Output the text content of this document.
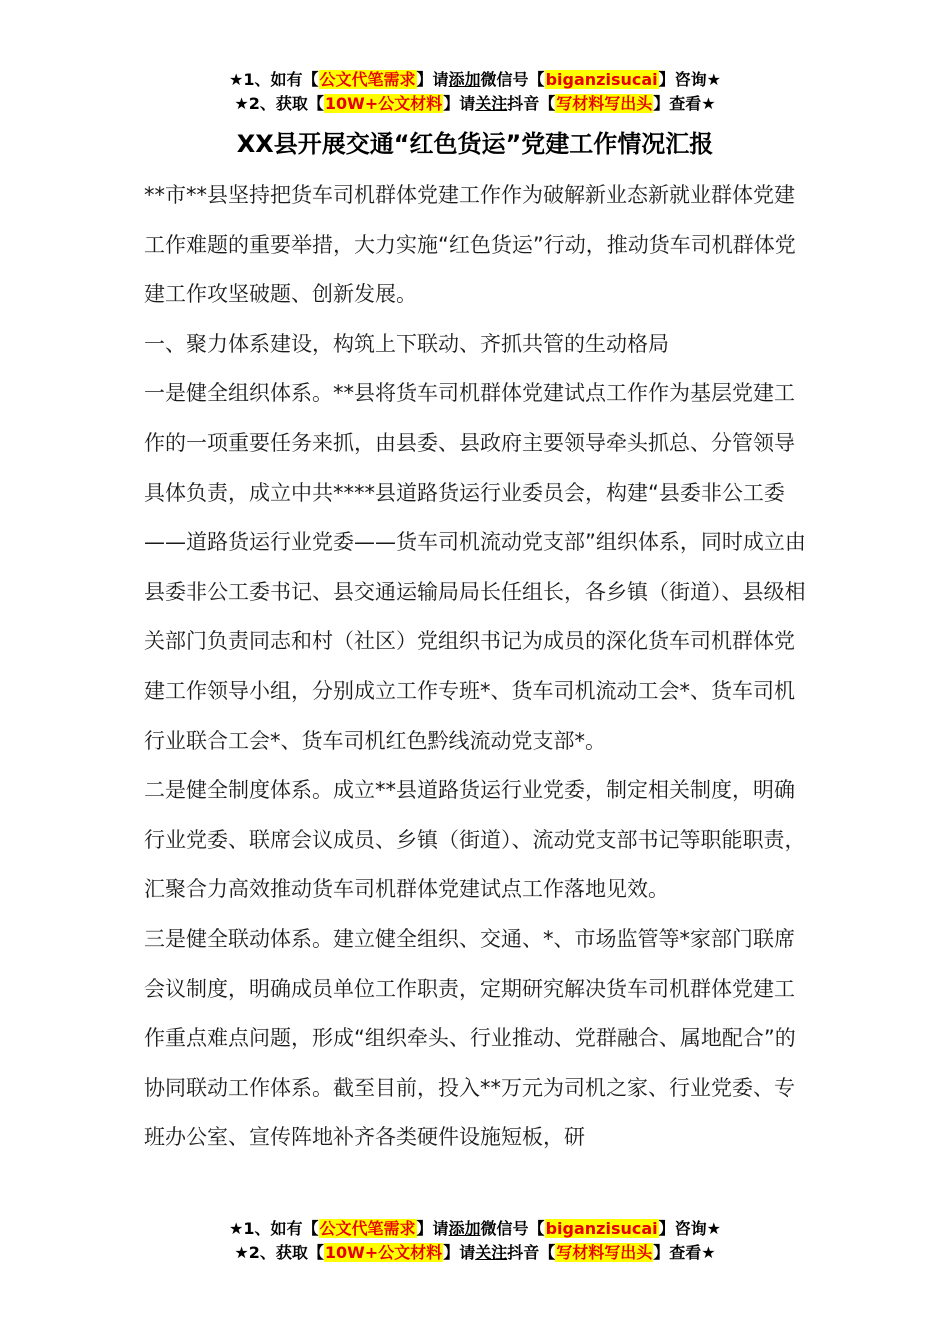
★1、如有【公文代笔需求】请添加微信号【biganzisucai】咨询★
★2、获取【10W+公文材料】请关注抖音【写材料写出头】查看★
XX县开展交通“红色货运”党建工作情况汇报

**市**县坚持把货车司机群体党建工作作为破解新业态新就业群体党建工作难题的重要举措，大力实施“红色货运”行动，推动货车司机群体党建工作攻坚破题、创新发展。

一、聚力体系建设，构筑上下联动、齐抓共管的生动格局

一是健全组织体系。**县将货车司机群体党建试点工作作为基层党建工作的一项重要任务来抓，由县委、县政府主要领导牵头抓总、分管领导具体负责，成立中共****县道路货运行业委员会，构建“县委非公工委——道路货运行业党委——货车司机流动党支部”组织体系，同时成立由县委非公工委书记、县交通运输局局长任组长，各乡镇（街道）、县级相关部门负责同志和村（社区）党组织书记为成员的深化货车司机群体党建工作领导小组，分别成立工作专班*、货车司机流动工会*、货车司机行业联合工会*、货车司机红色黔线流动党支部*。

二是健全制度体系。成立**县道路货运行业党委，制定相关制度，明确行业党委、联席会议成员、乡镇（街道）、流动党支部书记等职能职责，汇聚合力高效推动货车司机群体党建试点工作落地见效。

三是健全联动体系。建立健全组织、交通、*、市场监管等*家部门联席会议制度，明确成员单位工作职责，定期研究解决货车司机群体党建工作重点难点问题，形成“组织牵头、行业推动、党群融合、属地配合”的协同联动工作体系。截至目前，投入**万元为司机之家、行业党委、专班办公室、宣传阵地补齐各类硬件设施短板，研

★1、如有【公文代笔需求】请添加微信号【biganzisucai】咨询★
★2、获取【10W+公文材料】请关注抖音【写材料写出头】查看★
